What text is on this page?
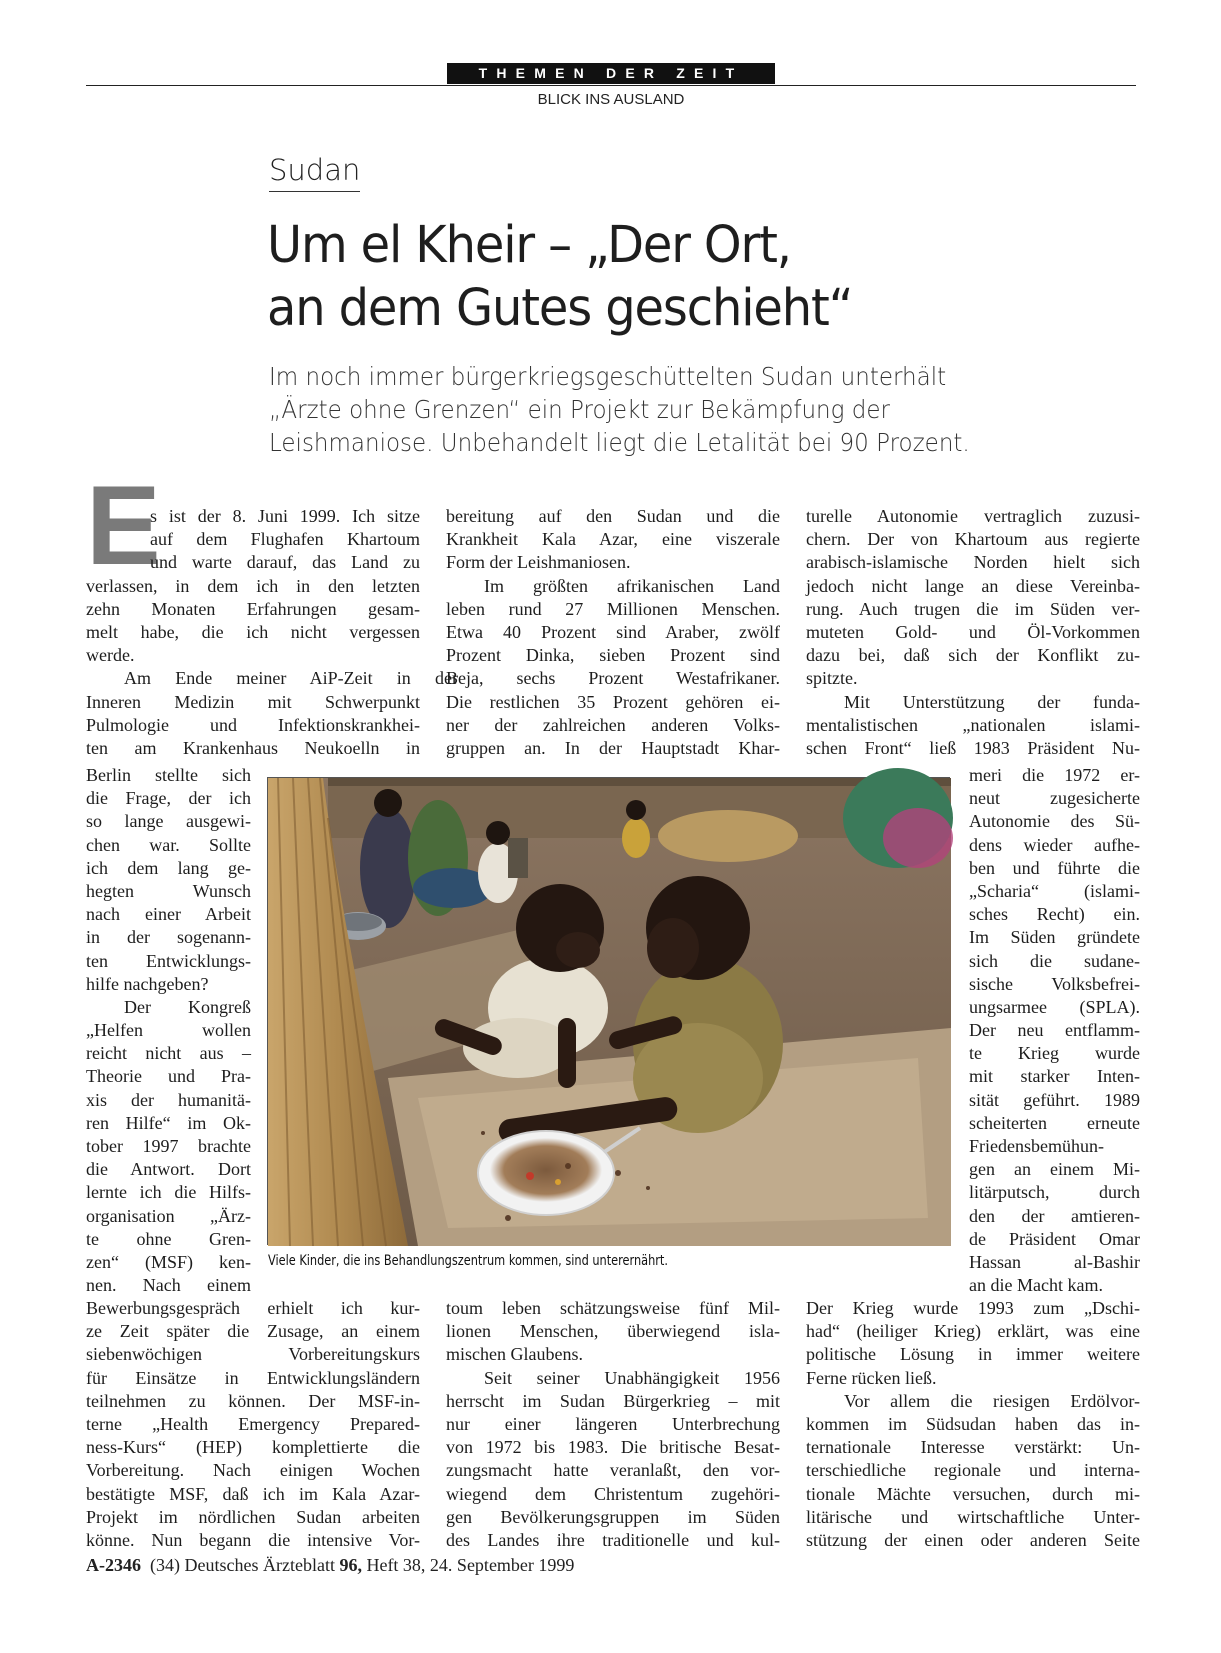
THEMEN DER ZEIT
BLICK INS AUSLAND
Sudan
Um el Kheir – „Der Ort,
an dem Gutes geschieht“
Im noch immer bürgerkriegsgeschüttelten Sudan unterhält
„Ärzte ohne Grenzen“ ein Projekt zur Bekämpfung der
Leishmaniose. Unbehandelt liegt die Letalität bei 90 Prozent.
E
s ist der 8. Juni 1999. Ich sitze
auf dem Flughafen Khartoum
und warte darauf, das Land zu
verlassen, in dem ich in den letzten
zehn Monaten Erfahrungen gesam-
melt habe, die ich nicht vergessen
werde.
Am Ende meiner AiP-Zeit in der
Inneren Medizin mit Schwerpunkt
Pulmologie und Infektionskrankhei-
ten am Krankenhaus Neukoelln in
Berlin stellte sich
die Frage, der ich
so lange ausgewi-
chen war. Sollte
ich dem lang ge-
hegten Wunsch
nach einer Arbeit
in der sogenann-
ten Entwicklungs-
hilfe nachgeben?
Der Kongreß
„Helfen wollen
reicht nicht aus –
Theorie und Pra-
xis der humanitä-
ren Hilfe“ im Ok-
tober 1997 brachte
die Antwort. Dort
lernte ich die Hilfs-
organisation „Ärz-
te ohne Gren-
zen“ (MSF) ken-
nen. Nach einem
Bewerbungsgespräch erhielt ich kur-
ze Zeit später die Zusage, an einem
siebenwöchigen Vorbereitungskurs
für Einsätze in Entwicklungsländern
teilnehmen zu können. Der MSF-in-
terne „Health Emergency Prepared-
ness-Kurs“ (HEP) komplettierte die
Vorbereitung. Nach einigen Wochen
bestätigte MSF, daß ich im Kala Azar-
Projekt im nördlichen Sudan arbeiten
könne. Nun begann die intensive Vor-
bereitung auf den Sudan und die
Krankheit Kala Azar, eine viszerale
Form der Leishmaniosen.
Im größten afrikanischen Land
leben rund 27 Millionen Menschen.
Etwa 40 Prozent sind Araber, zwölf
Prozent Dinka, sieben Prozent sind
Beja, sechs Prozent Westafrikaner.
Die restlichen 35 Prozent gehören ei-
ner der zahlreichen anderen Volks-
gruppen an. In der Hauptstadt Khar-
toum leben schätzungsweise fünf Mil-
lionen Menschen, überwiegend isla-
mischen Glaubens.
Seit seiner Unabhängigkeit 1956
herrscht im Sudan Bürgerkrieg – mit
nur einer längeren Unterbrechung
von 1972 bis 1983. Die britische Besat-
zungsmacht hatte veranlaßt, den vor-
wiegend dem Christentum zugehöri-
gen Bevölkerungsgruppen im Süden
des Landes ihre traditionelle und kul-
turelle Autonomie vertraglich zuzusi-
chern. Der von Khartoum aus regierte
arabisch-islamische Norden hielt sich
jedoch nicht lange an diese Vereinba-
rung. Auch trugen die im Süden ver-
muteten Gold- und Öl-Vorkommen
dazu bei, daß sich der Konflikt zu-
spitzte.
Mit Unterstützung der funda-
mentalistischen „nationalen islami-
schen Front“ ließ 1983 Präsident Nu-
meri die 1972 er-
neut zugesicherte
Autonomie des Sü-
dens wieder aufhe-
ben und führte die
„Scharia“ (islami-
sches Recht) ein.
Im Süden gründete
sich die sudane-
sische Volksbefrei-
ungsarmee (SPLA).
Der neu entflamm-
te Krieg wurde
mit starker Inten-
sität geführt. 1989
scheiterten erneute
Friedensbemühun-
gen an einem Mi-
litärputsch, durch
den der amtieren-
de Präsident Omar
Hassan al-Bashir
an die Macht kam.
Der Krieg wurde 1993 zum „Dschi-
had“ (heiliger Krieg) erklärt, was eine
politische Lösung in immer weitere
Ferne rücken ließ.
Vor allem die riesigen Erdölvor-
kommen im Südsudan haben das in-
ternationale Interesse verstärkt: Un-
terschiedliche regionale und interna-
tionale Mächte versuchen, durch mi-
litärische und wirtschaftliche Unter-
stützung der einen oder anderen Seite
Viele Kinder, die ins Behandlungszentrum kommen, sind unterernährt.
A-2346 (34) Deutsches Ärzteblatt 96, Heft 38, 24. September 1999
